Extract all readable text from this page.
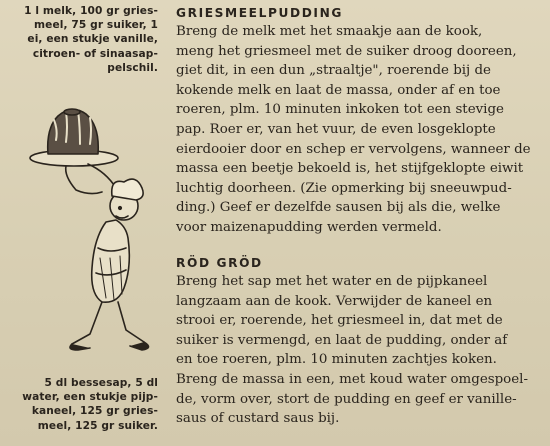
1 l melk, 100 gr gries-
meel, 75 gr suiker, 1
ei, een stukje vanille,
citroen- of sinaasap-
pelschil.
5 dl bessesap, 5 dl
water, een stukje pijp-
kaneel, 125 gr gries-
meel, 125 gr suiker.
GRIESMEELPUDDING
Breng de melk met het smaakje aan de kook,
meng het griesmeel met de suiker droog dooreen,
giet dit, in een dun „straaltje", roerende bij de
kokende melk en laat de massa, onder af en toe
roeren, plm. 10 minuten inkoken tot een stevige
pap. Roer er, van het vuur, de even losgeklopte
eierdooier door en schep er vervolgens, wanneer de
massa een beetje bekoeld is, het stijfgeklopte eiwit
luchtig doorheen. (Zie opmerking bij sneeuwpud-
ding.) Geef er dezelfde sausen bij als die, welke
voor maizenapudding werden vermeld.
RÖD GRÖD
Breng het sap met het water en de pijpkaneel
langzaam aan de kook. Verwijder de kaneel en
strooi er, roerende, het griesmeel in, dat met de
suiker is vermengd, en laat de pudding, onder af
en toe roeren, plm. 10 minuten zachtjes koken.
Breng de massa in een, met koud water omgespoel-
de, vorm over, stort de pudding en geef er vanille-
saus of custard saus bij.
